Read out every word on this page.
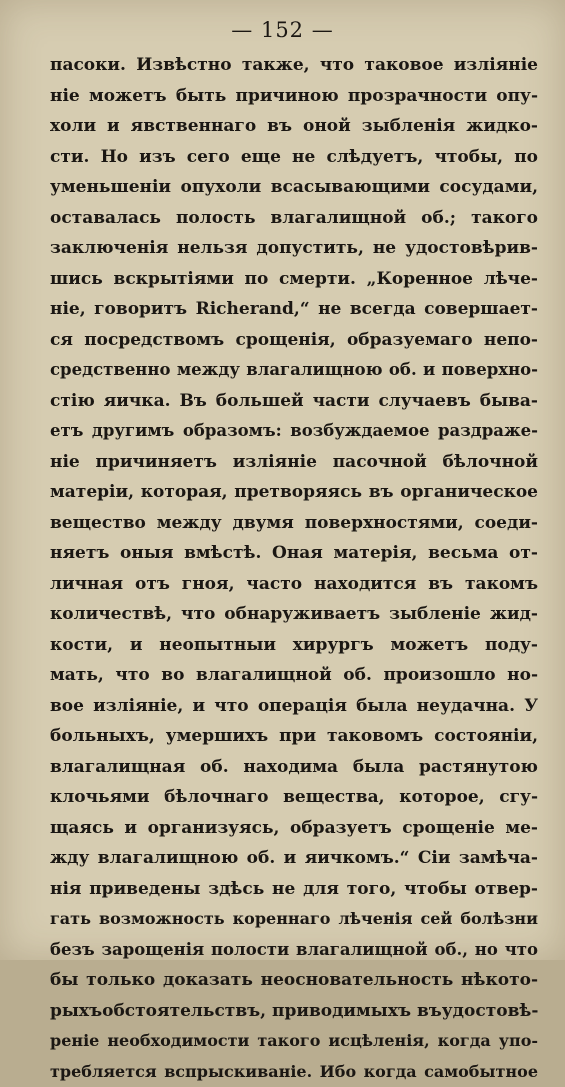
— 152 —
пасоки. Извѣстно также, что таковое изліяніе
ніе можетъ быть причиною прозрачности опу-
холи и явственнаго въ оной зыбленія жидко-
сти. Но изъ сего еще не слѣдуетъ, чтобы, по
уменьшеніи опухоли всасывающими сосудами,
оставалась полость влагалищной об.; такого
заключенія нельзя допустить, не удостовѣрив-
шись вскрытіями по смерти. „Коренное лѣче-
ніе, говоритъ Richerand,“ не всегда совершает-
ся посредствомъ срощенія, образуемаго непо-
средственно между влагалищною об. и поверхно-
стію яичка. Въ большей части случаевъ быва-
етъ другимъ образомъ: возбуждаемое раздраже-
ніе причиняетъ изліяніе пасочной бѣлочной
матеріи, которая, претворяясь въ органическое
вещество между двумя поверхностями, соеди-
няетъ оныя вмѣстѣ. Оная матерія, весьма от-
личная отъ гноя, часто находится въ такомъ
количествѣ, что обнаруживаетъ зыбленіе жид-
кости, и неопытныи хирургъ можетъ поду-
мать, что во влагалищной об. произошло но-
вое изліяніе, и что операція была неудачна. У
больныхъ, умершихъ при таковомъ состояніи,
влагалищная об. находима была растянутою
клочьями бѣлочнаго вещества, которое, сгу-
щаясь и организуясь, образуетъ срощеніе ме-
жду влагалищною об. и яичкомъ.“ Сіи замѣча-
нія приведены здѣсь не для того, чтобы отвер-
гать возможность кореннаго лѣченія сей болѣзни
безъ зарощенія полости влагалищной об., но что
бы только доказать неосновательность нѣкото-
рыхъобстоятельствъ, приводимыхъ въудостовѣ-
реніе необходимости такого исцѣленія, когда упо-
требляется вспрыскиваніе. Ибо когда самобытное
